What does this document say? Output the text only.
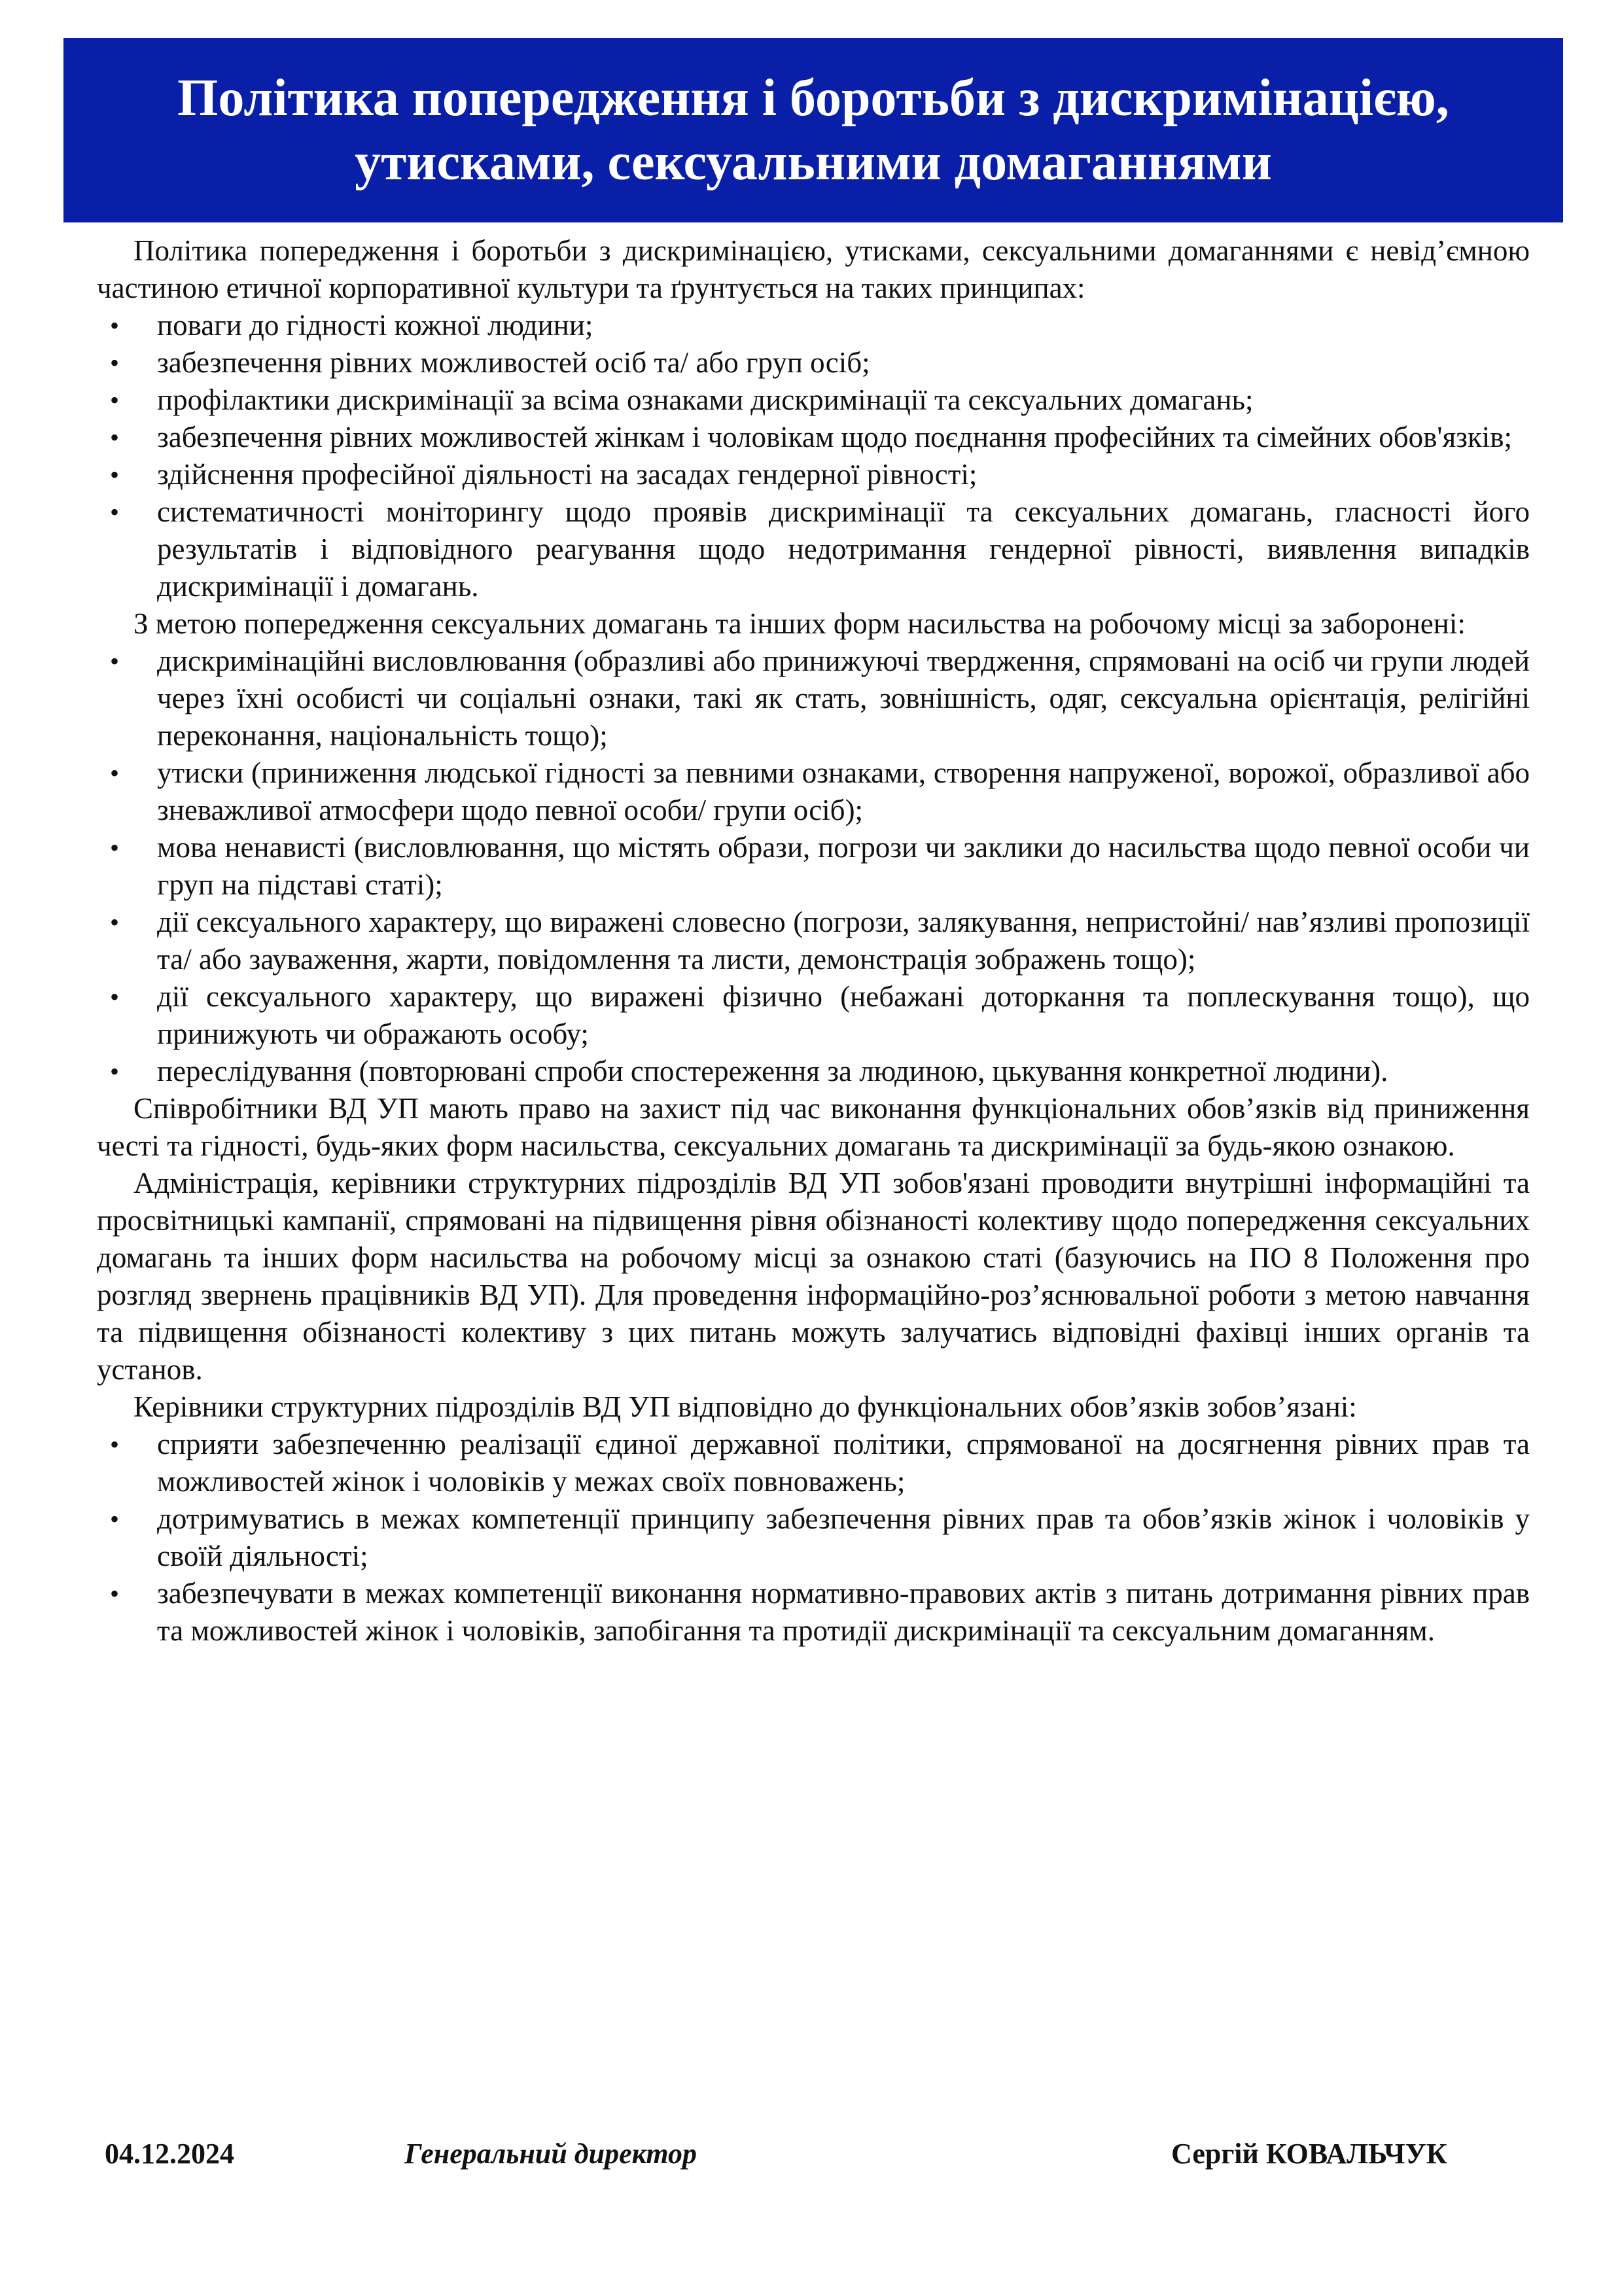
Політика попередження і боротьби з дискримінацією, утисками, сексуальними домаганнями

Політика попередження і боротьби з дискримінацією, утисками, сексуальними домаганнями є невід’ємною частиною етичної корпоративної культури та ґрунтується на таких принципах:

• поваги до гідності кожної людини;
• забезпечення рівних можливостей осіб та/ або груп осіб;
• профілактики дискримінації за всіма ознаками дискримінації та сексуальних домагань;
• забезпечення рівних можливостей жінкам і чоловікам щодо поєднання професійних та сімейних обов'язків;
• здійснення професійної діяльності на засадах гендерної рівності;
• систематичності моніторингу щодо проявів дискримінації та сексуальних домагань, гласності його результатів і відповідного реагування щодо недотримання гендерної рівності, виявлення випадків дискримінації і домагань.

З метою попередження сексуальних домагань та інших форм насильства на робочому місці за заборонені:

• дискримінаційні висловлювання (образливі або принижуючі твердження, спрямовані на осіб чи групи людей через їхні особисті чи соціальні ознаки, такі як стать, зовнішність, одяг, сексуальна орієнтація, релігійні переконання, національність тощо);
• утиски (приниження людської гідності за певними ознаками, створення напруженої, ворожої, образливої або зневажливої атмосфери щодо певної особи/ групи осіб);
• мова ненависті (висловлювання, що містять образи, погрози чи заклики до насильства щодо певної особи чи груп на підставі статі);
• дії сексуального характеру, що виражені словесно (погрози, залякування, непристойні/ нав’язливі пропозиції та/ або зауваження, жарти, повідомлення та листи, демонстрація зображень тощо);
• дії сексуального характеру, що виражені фізично (небажані доторкання та поплескування тощо), що принижують чи ображають особу;
• переслідування (повторювані спроби спостереження за людиною, цькування конкретної людини).

Співробітники ВД УП мають право на захист під час виконання функціональних обов’язків від приниження честі та гідності, будь-яких форм насильства, сексуальних домагань та дискримінації за будь-якою ознакою.

Адміністрація, керівники структурних підрозділів ВД УП зобов'язані проводити внутрішні інформаційні та просвітницькі кампанії, спрямовані на підвищення рівня обізнаності колективу щодо попередження сексуальних домагань та інших форм насильства на робочому місці за ознакою статі (базуючись на ПО 8 Положення про розгляд звернень працівників ВД УП). Для проведення інформаційно-роз’яснювальної роботи з метою навчання та підвищення обізнаності колективу з цих питань можуть залучатись відповідні фахівці інших органів та установ.

Керівники структурних підрозділів ВД УП відповідно до функціональних обов’язків зобов’язані:

• сприяти забезпеченню реалізації єдиної державної політики, спрямованої на досягнення рівних прав та можливостей жінок і чоловіків у межах своїх повноважень;
• дотримуватись в межах компетенції принципу забезпечення рівних прав та обов’язків жінок і чоловіків у своїй діяльності;
• забезпечувати в межах компетенції виконання нормативно-правових актів з питань дотримання рівних прав та можливостей жінок і чоловіків, запобігання та протидії дискримінації та сексуальним домаганням.
04.12.2024	Генеральний директор	Сергій КОВАЛЬЧУК
